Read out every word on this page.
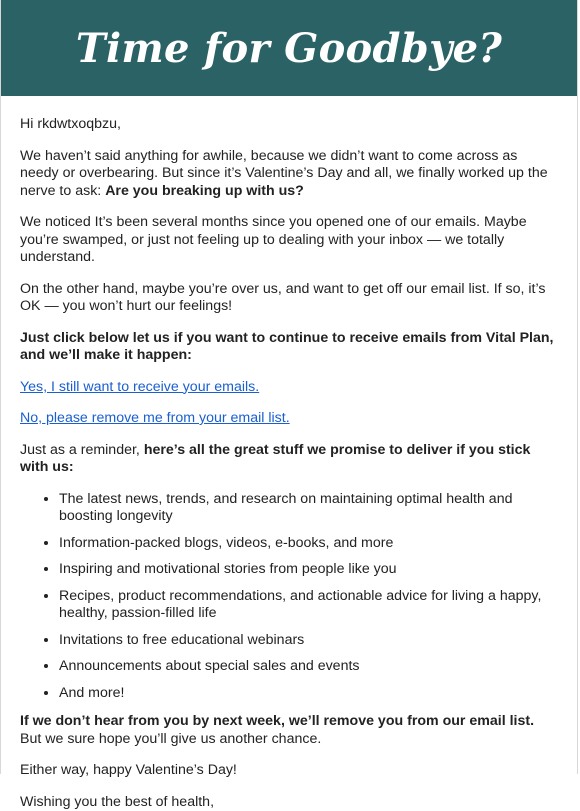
Time for Goodbye?

Hi rkdwtxoqbzu,

We haven’t said anything for awhile, because we didn’t want to come across as needy or overbearing. But since it’s Valentine’s Day and all, we finally worked up the nerve to ask: Are you breaking up with us?

We noticed It’s been several months since you opened one of our emails. Maybe you’re swamped, or just not feeling up to dealing with your inbox — we totally understand.

On the other hand, maybe you’re over us, and want to get off our email list. If so, it’s OK — you won’t hurt our feelings!

Just click below let us if you want to continue to receive emails from Vital Plan, and we’ll make it happen:

Yes, I still want to receive your emails.

No, please remove me from your email list.

Just as a reminder, here’s all the great stuff we promise to deliver if you stick with us:

• The latest news, trends, and research on maintaining optimal health and boosting longevity
• Information-packed blogs, videos, e-books, and more
• Inspiring and motivational stories from people like you
• Recipes, product recommendations, and actionable advice for living a happy, healthy, passion-filled life
• Invitations to free educational webinars
• Announcements about special sales and events
• And more!

If we don’t hear from you by next week, we’ll remove you from our email list. But we sure hope you’ll give us another chance.

Either way, happy Valentine’s Day!

Wishing you the best of health,
